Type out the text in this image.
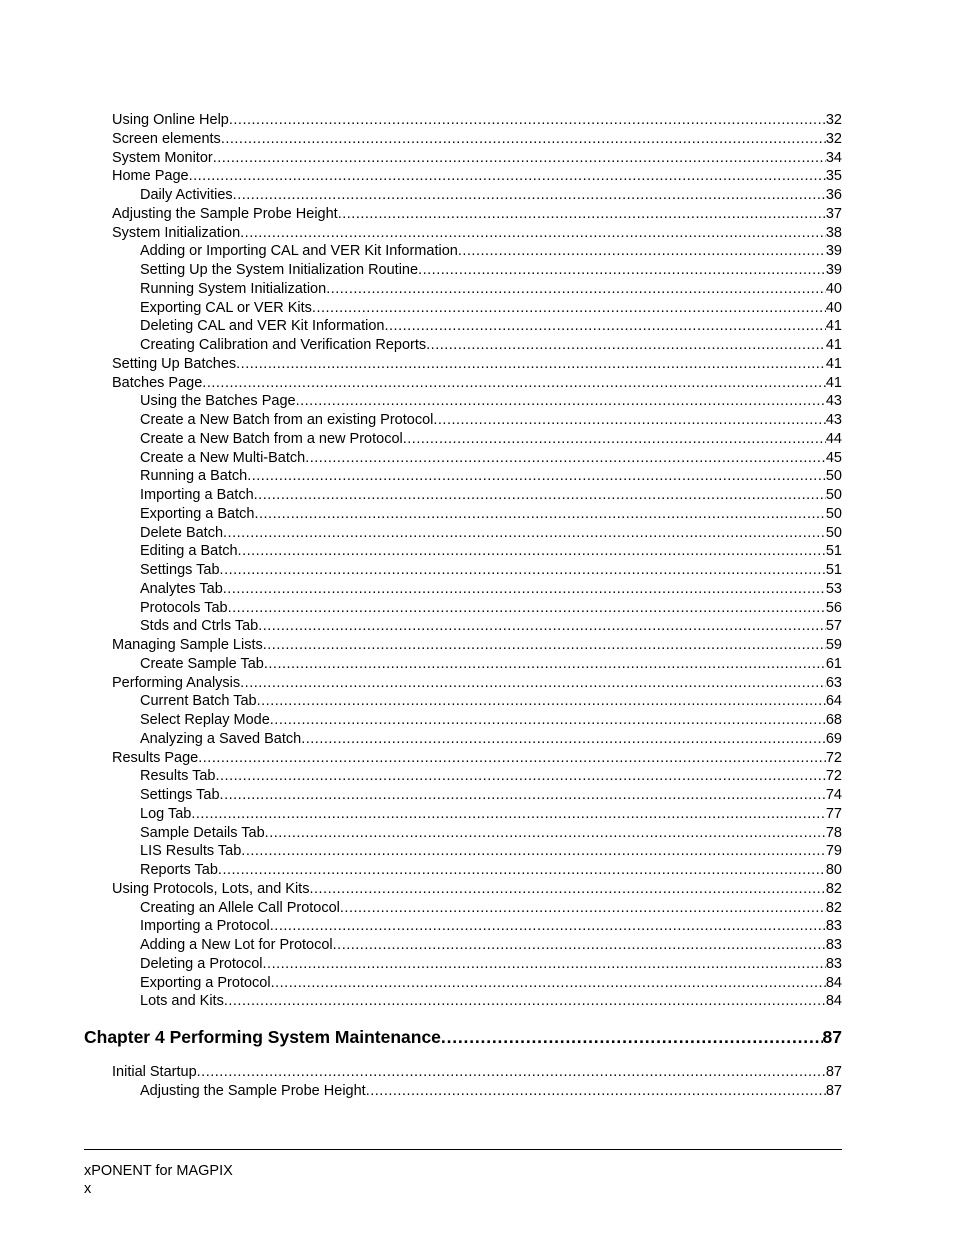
Using Online Help .....	32
Screen elements .....	32
System Monitor .....	34
Home Page .....	35
Daily Activities .....	36
Adjusting the Sample Probe Height .....	37
System Initialization .....	38
Adding or Importing CAL and VER Kit Information .....	39
Setting Up the System Initialization Routine .....	39
Running System Initialization .....	40
Exporting CAL or VER Kits .....	40
Deleting CAL and VER Kit Information .....	41
Creating Calibration and Verification Reports .....	41
Setting Up Batches .....	41
Batches Page .....	41
Using the Batches Page .....	43
Create a New Batch from an existing Protocol .....	43
Create a New Batch from a new Protocol .....	44
Create a New Multi-Batch .....	45
Running a Batch .....	50
Importing a Batch .....	50
Exporting a Batch .....	50
Delete Batch .....	50
Editing a Batch .....	51
Settings Tab .....	51
Analytes Tab .....	53
Protocols Tab .....	56
Stds and Ctrls Tab .....	57
Managing Sample Lists .....	59
Create Sample Tab .....	61
Performing Analysis .....	63
Current Batch Tab .....	64
Select Replay Mode .....	68
Analyzing a Saved Batch .....	69
Results Page .....	72
Results Tab .....	72
Settings Tab .....	74
Log Tab .....	77
Sample Details Tab .....	78
LIS Results Tab .....	79
Reports Tab .....	80
Using Protocols, Lots, and Kits .....	82
Creating an Allele Call Protocol .....	82
Importing a Protocol .....	83
Adding a New Lot for Protocol .....	83
Deleting a Protocol .....	83
Exporting a Protocol .....	84
Lots and Kits .....	84
Chapter 4 Performing System Maintenance .....	87
Initial Startup .....	87
Adjusting the Sample Probe Height .....	87
xPONENT for MAGPIX
x
